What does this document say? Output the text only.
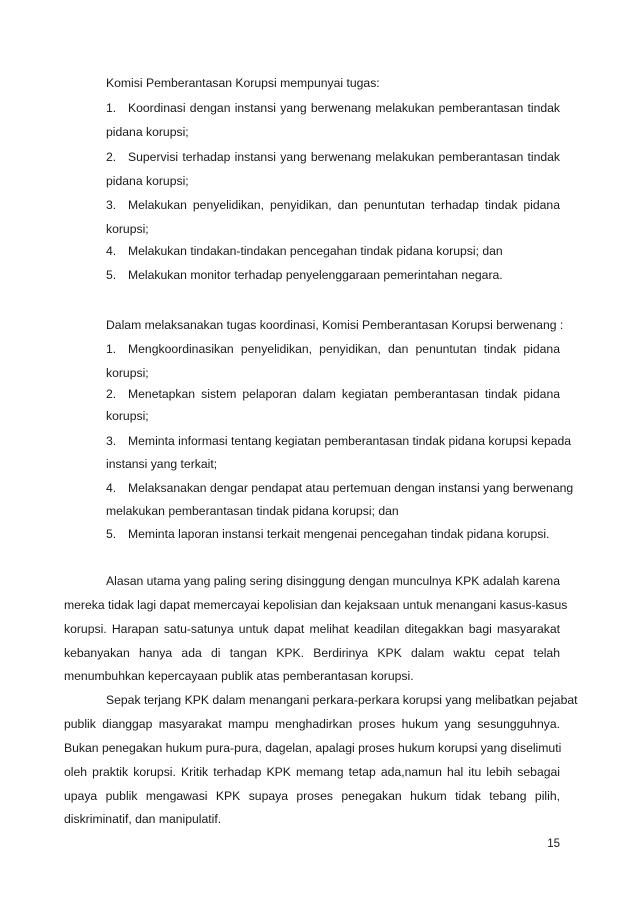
Komisi Pemberantasan Korupsi mempunyai tugas:
1. Koordinasi dengan instansi yang berwenang melakukan pemberantasan tindak
pidana korupsi;
2. Supervisi terhadap instansi yang berwenang melakukan pemberantasan tindak
pidana korupsi;
3. Melakukan penyelidikan, penyidikan, dan penuntutan terhadap tindak pidana
korupsi;
4. Melakukan tindakan-tindakan pencegahan tindak pidana korupsi; dan
5. Melakukan monitor terhadap penyelenggaraan pemerintahan negara.
Dalam melaksanakan tugas koordinasi, Komisi Pemberantasan Korupsi berwenang :
1. Mengkoordinasikan penyelidikan, penyidikan, dan penuntutan tindak pidana
korupsi;
2. Menetapkan sistem pelaporan dalam kegiatan pemberantasan tindak pidana
korupsi;
3. Meminta informasi tentang kegiatan pemberantasan tindak pidana korupsi kepada
instansi yang terkait;
4. Melaksanakan dengar pendapat atau pertemuan dengan instansi yang berwenang
melakukan pemberantasan tindak pidana korupsi; dan
5. Meminta laporan instansi terkait mengenai pencegahan tindak pidana korupsi.
Alasan utama yang paling sering disinggung dengan munculnya KPK adalah karena
mereka tidak lagi dapat memercayai kepolisian dan kejaksaan untuk menangani kasus-kasus
korupsi. Harapan satu-satunya untuk dapat melihat keadilan ditegakkan bagi masyarakat
kebanyakan hanya ada di tangan KPK. Berdirinya KPK dalam waktu cepat telah
menumbuhkan kepercayaan publik atas pemberantasan korupsi.
Sepak terjang KPK dalam menangani perkara-perkara korupsi yang melibatkan pejabat
publik dianggap masyarakat mampu menghadirkan proses hukum yang sesungguhnya.
Bukan penegakan hukum pura-pura, dagelan, apalagi proses hukum korupsi yang diselimuti
oleh praktik korupsi. Kritik terhadap KPK memang tetap ada,namun hal itu lebih sebagai
upaya publik mengawasi KPK supaya proses penegakan hukum tidak tebang pilih,
diskriminatif, dan manipulatif.
15
